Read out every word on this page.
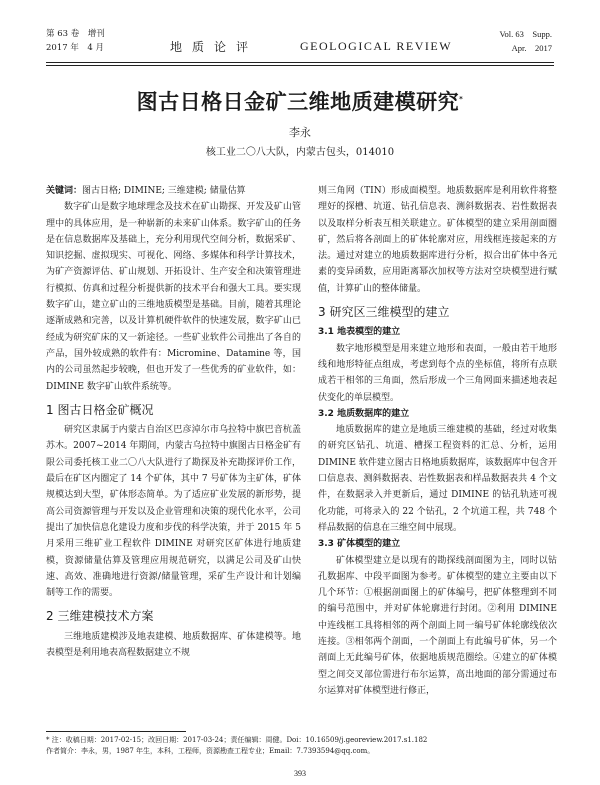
第 63 卷　增刊
2017 年　4 月	地质论评	GEOLOGICAL REVIEW
Vol. 63　Supp.
Apr.　2017
图古日格日金矿三维地质建模研究*
李永
核工业二〇八大队，内蒙古包头，014010

关键词：图古日格; DIMINE; 三维建模; 储量估算

数字矿山是数字地球理念及技术在矿山勘探、开发及矿山管理中的具体应用，是一种崭新的未来矿山体系。数字矿山的任务是在信息数据库及基础上，充分利用现代空间分析，数据采矿、知识挖掘、虚拟现实、可视化、网络、多媒体和科学计算技术，为矿产资源评估、矿山规划、开拓设计、生产安全和决策管理进行模拟、仿真和过程分析提供新的技术平台和强大工具。要实现数字矿山，建立矿山的三维地质模型是基础。目前，随着其理论逐渐成熟和完善，以及计算机硬件软件的快速发展，数字矿山已经成为研究矿床的又一新途径。一些矿业软件公司推出了各自的产品，国外较成熟的软件有：Micromine、Datamine 等，国内的公司虽然起步较晚，但也开发了一些优秀的矿业软件，如：DIMINE 数字矿山软件系统等。

1 图古日格金矿概况

研究区隶属于内蒙古自治区巴彦淖尔市乌拉特中旗巴音杭盖苏木。2007~2014 年期间，内蒙古乌拉特中旗图古日格金矿有限公司委托核工业二〇八大队进行了勘探及补充勘探评价工作，最后在矿区内圈定了 14 个矿体，其中 7 号矿体为主矿体，矿体规模达到大型，矿体形态简单。为了适应矿业发展的新形势，提高公司资源管理与开发以及企业管理和决策的现代化水平，公司提出了加快信息化建设力度和步伐的科学决策，并于 2015 年 5 月采用三维矿业工程软件 DIMINE 对研究区矿体进行地质建模，资源储量估算及管理应用规范研究，以满足公司及矿山快速、高效、准确地进行资源/储量管理，采矿生产设计和计划编制等工作的需要。

2 三维建模技术方案

三维地质建模涉及地表建模、地质数据库、矿体建模等。地表模型是利用地表高程数据建立不规

则三角网（TIN）形成面模型。地质数据库是利用软件将整理好的探槽、坑道、钻孔信息表、测斜数据表、岩性数据表以及取样分析表互相关联建立。矿体模型的建立采用剖面圈矿，然后将各剖面上的矿体轮廓对应，用线框连接起来的方法。通过对建立的地质数据库进行分析，拟合出矿体中各元素的变异函数，应用距离幂次加权等方法对空块模型进行赋值，计算矿山的整体储量。

3 研究区三维模型的建立
3.1 地表模型的建立

数字地形模型是用来建立地形和表面，一般由若干地形线和地形特征点组成，考虑到每个点的坐标值，将所有点联成若干相邻的三角面，然后形成一个三角网面来描述地表起伏变化的单层模型。

3.2 地质数据库的建立

地质数据库的建立是地质三维建模的基础，经过对收集的研究区钻孔、坑道、槽探工程资料的汇总、分析，运用 DIMINE 软件建立图古日格地质数据库，该数据库中包含开口信息表、测斜数据表、岩性数据表和样品数据表共 4 个文件，在数据录入并更新后，通过 DIMINE 的钻孔轨迹可视化功能，可将录入的 22 个钻孔，2 个坑道工程，共 748 个样品数据的信息在三维空间中展现。

3.3 矿体模型的建立

矿体模型建立是以现有的勘探线剖面图为主，同时以钻孔数据库、中段平面图为参考。矿体模型的建立主要由以下几个环节：①根据剖面图上的矿体编号，把矿体整理到不同的编号范围中，并对矿体轮廓进行封闭。②利用 DIMINE 中连线框工具将相邻的两个剖面上同一编号矿体轮廓线依次连接。③相邻两个剖面，一个剖面上有此编号矿体，另一个剖面上无此编号矿体，依据地质规范圈绘。④建立的矿体模型之间交叉部位需进行布尔运算，高出地面的部分需通过布尔运算对矿体模型进行修正，

* 注：收稿日期：2017-02-15；改回日期：2017-03-24；责任编辑：周健。Doi：10.16509/j.georeview.2017.s1.182
作者简介：李永，男，1987 年生，本科，工程师，资源勘查工程专业；Email：7.7393594@qq.com。
393
